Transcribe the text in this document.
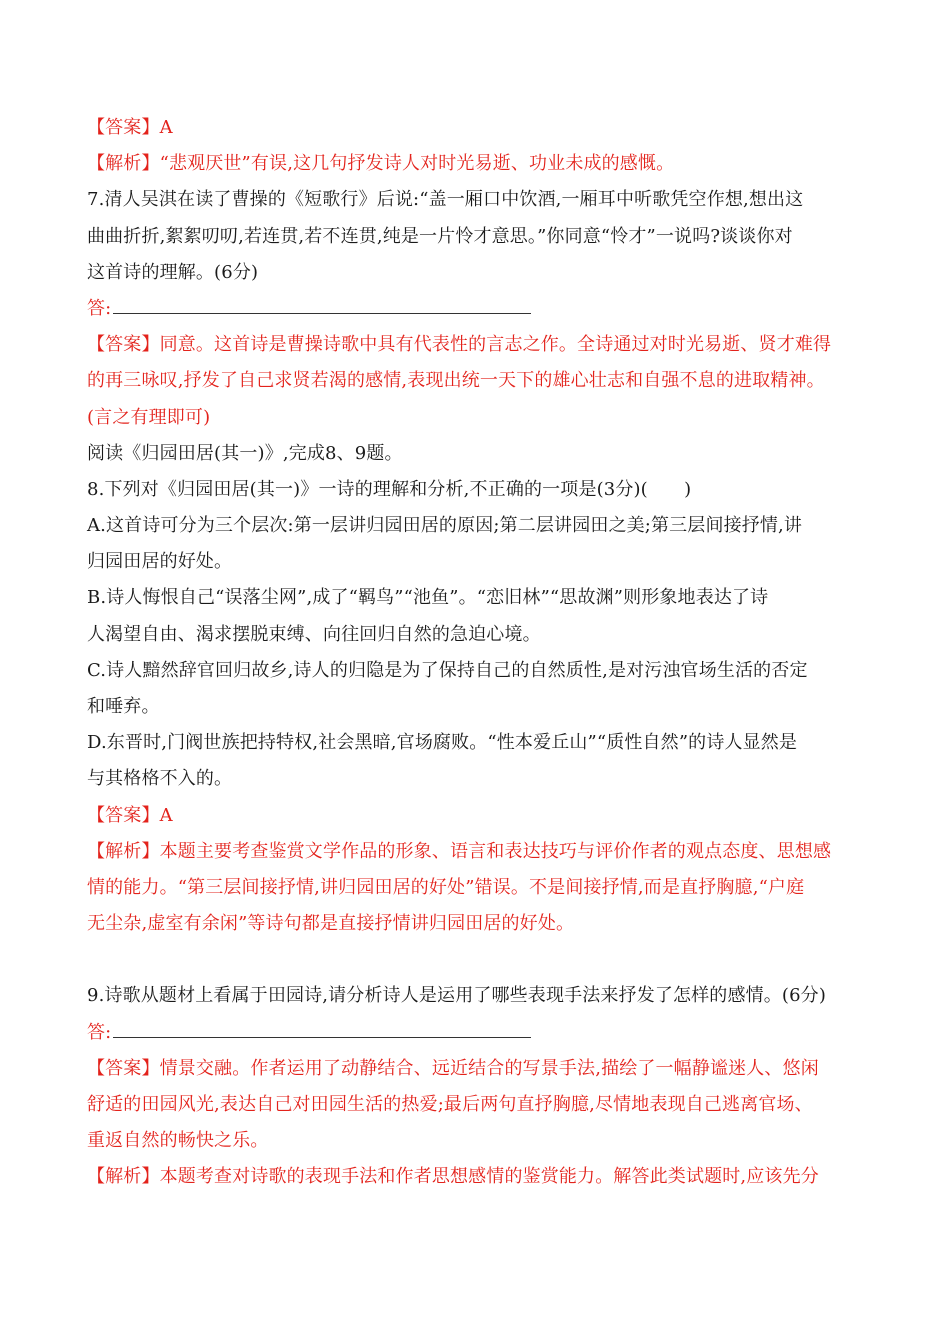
【答案】A
【解析】“悲观厌世”有误,这几句抒发诗人对时光易逝、功业未成的感慨。
7.清人吴淇在读了曹操的《短歌行》后说:“盖一厢口中饮酒,一厢耳中听歌凭空作想,想出这
曲曲折折,絮絮叨叨,若连贯,若不连贯,纯是一片怜才意思。”你同意“怜才”一说吗?谈谈你对
这首诗的理解。(6分)
答:
【答案】同意。这首诗是曹操诗歌中具有代表性的言志之作。全诗通过对时光易逝、贤才难得
的再三咏叹,抒发了自己求贤若渴的感情,表现出统一天下的雄心壮志和自强不息的进取精神。
(言之有理即可)
阅读《归园田居(其一)》,完成8、9题。
8.下列对《归园田居(其一)》一诗的理解和分析,不正确的一项是(3分)(　　)
A.这首诗可分为三个层次:第一层讲归园田居的原因;第二层讲园田之美;第三层间接抒情,讲
归园田居的好处。
B.诗人悔恨自己“误落尘网”,成了“羁鸟”“池鱼”。“恋旧林”“思故渊”则形象地表达了诗
人渴望自由、渴求摆脱束缚、向往回归自然的急迫心境。
C.诗人黯然辞官回归故乡,诗人的归隐是为了保持自己的自然质性,是对污浊官场生活的否定
和唾弃。
D.东晋时,门阀世族把持特权,社会黑暗,官场腐败。“性本爱丘山”“质性自然”的诗人显然是
与其格格不入的。
【答案】A
【解析】本题主要考查鉴赏文学作品的形象、语言和表达技巧与评价作者的观点态度、思想感
情的能力。“第三层间接抒情,讲归园田居的好处”错误。不是间接抒情,而是直抒胸臆,“户庭
无尘杂,虚室有余闲”等诗句都是直接抒情讲归园田居的好处。
9.诗歌从题材上看属于田园诗,请分析诗人是运用了哪些表现手法来抒发了怎样的感情。(6分)
答:
【答案】情景交融。作者运用了动静结合、远近结合的写景手法,描绘了一幅静谧迷人、悠闲
舒适的田园风光,表达自己对田园生活的热爱;最后两句直抒胸臆,尽情地表现自己逃离官场、
重返自然的畅快之乐。
【解析】本题考查对诗歌的表现手法和作者思想感情的鉴赏能力。解答此类试题时,应该先分
